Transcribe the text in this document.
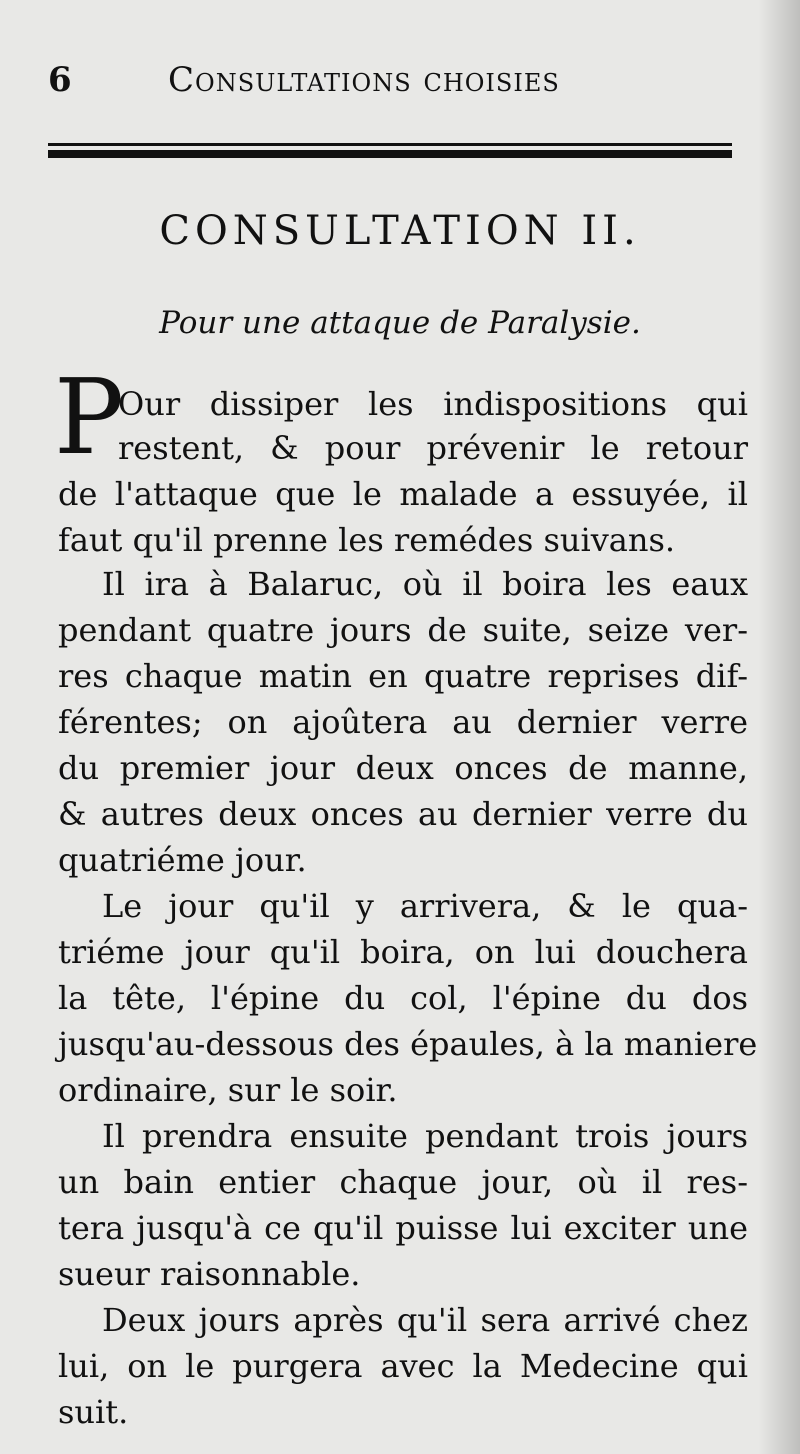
6	Consultations choisies
CONSULTATION II.
Pour une attaque de Paralysie.
P
Our dissiper les indispositions qui
restent, & pour prévenir le retour
de l'attaque que le malade a essuyée, il
faut qu'il prenne les remédes suivans.
Il ira à Balaruc, où il boira les eaux
pendant quatre jours de suite, seize ver-
res chaque matin en quatre reprises dif-
férentes; on ajoûtera au dernier verre
du premier jour deux onces de manne,
& autres deux onces au dernier verre du
quatriéme jour.
Le jour qu'il y arrivera, & le qua-
triéme jour qu'il boira, on lui douchera
la tête, l'épine du col, l'épine du dos
jusqu'au-dessous des épaules, à la maniere
ordinaire, sur le soir.
Il prendra ensuite pendant trois jours
un bain entier chaque jour, où il res-
tera jusqu'à ce qu'il puisse lui exciter une
sueur raisonnable.
Deux jours après qu'il sera arrivé chez
lui, on le purgera avec la Medecine qui
suit.
